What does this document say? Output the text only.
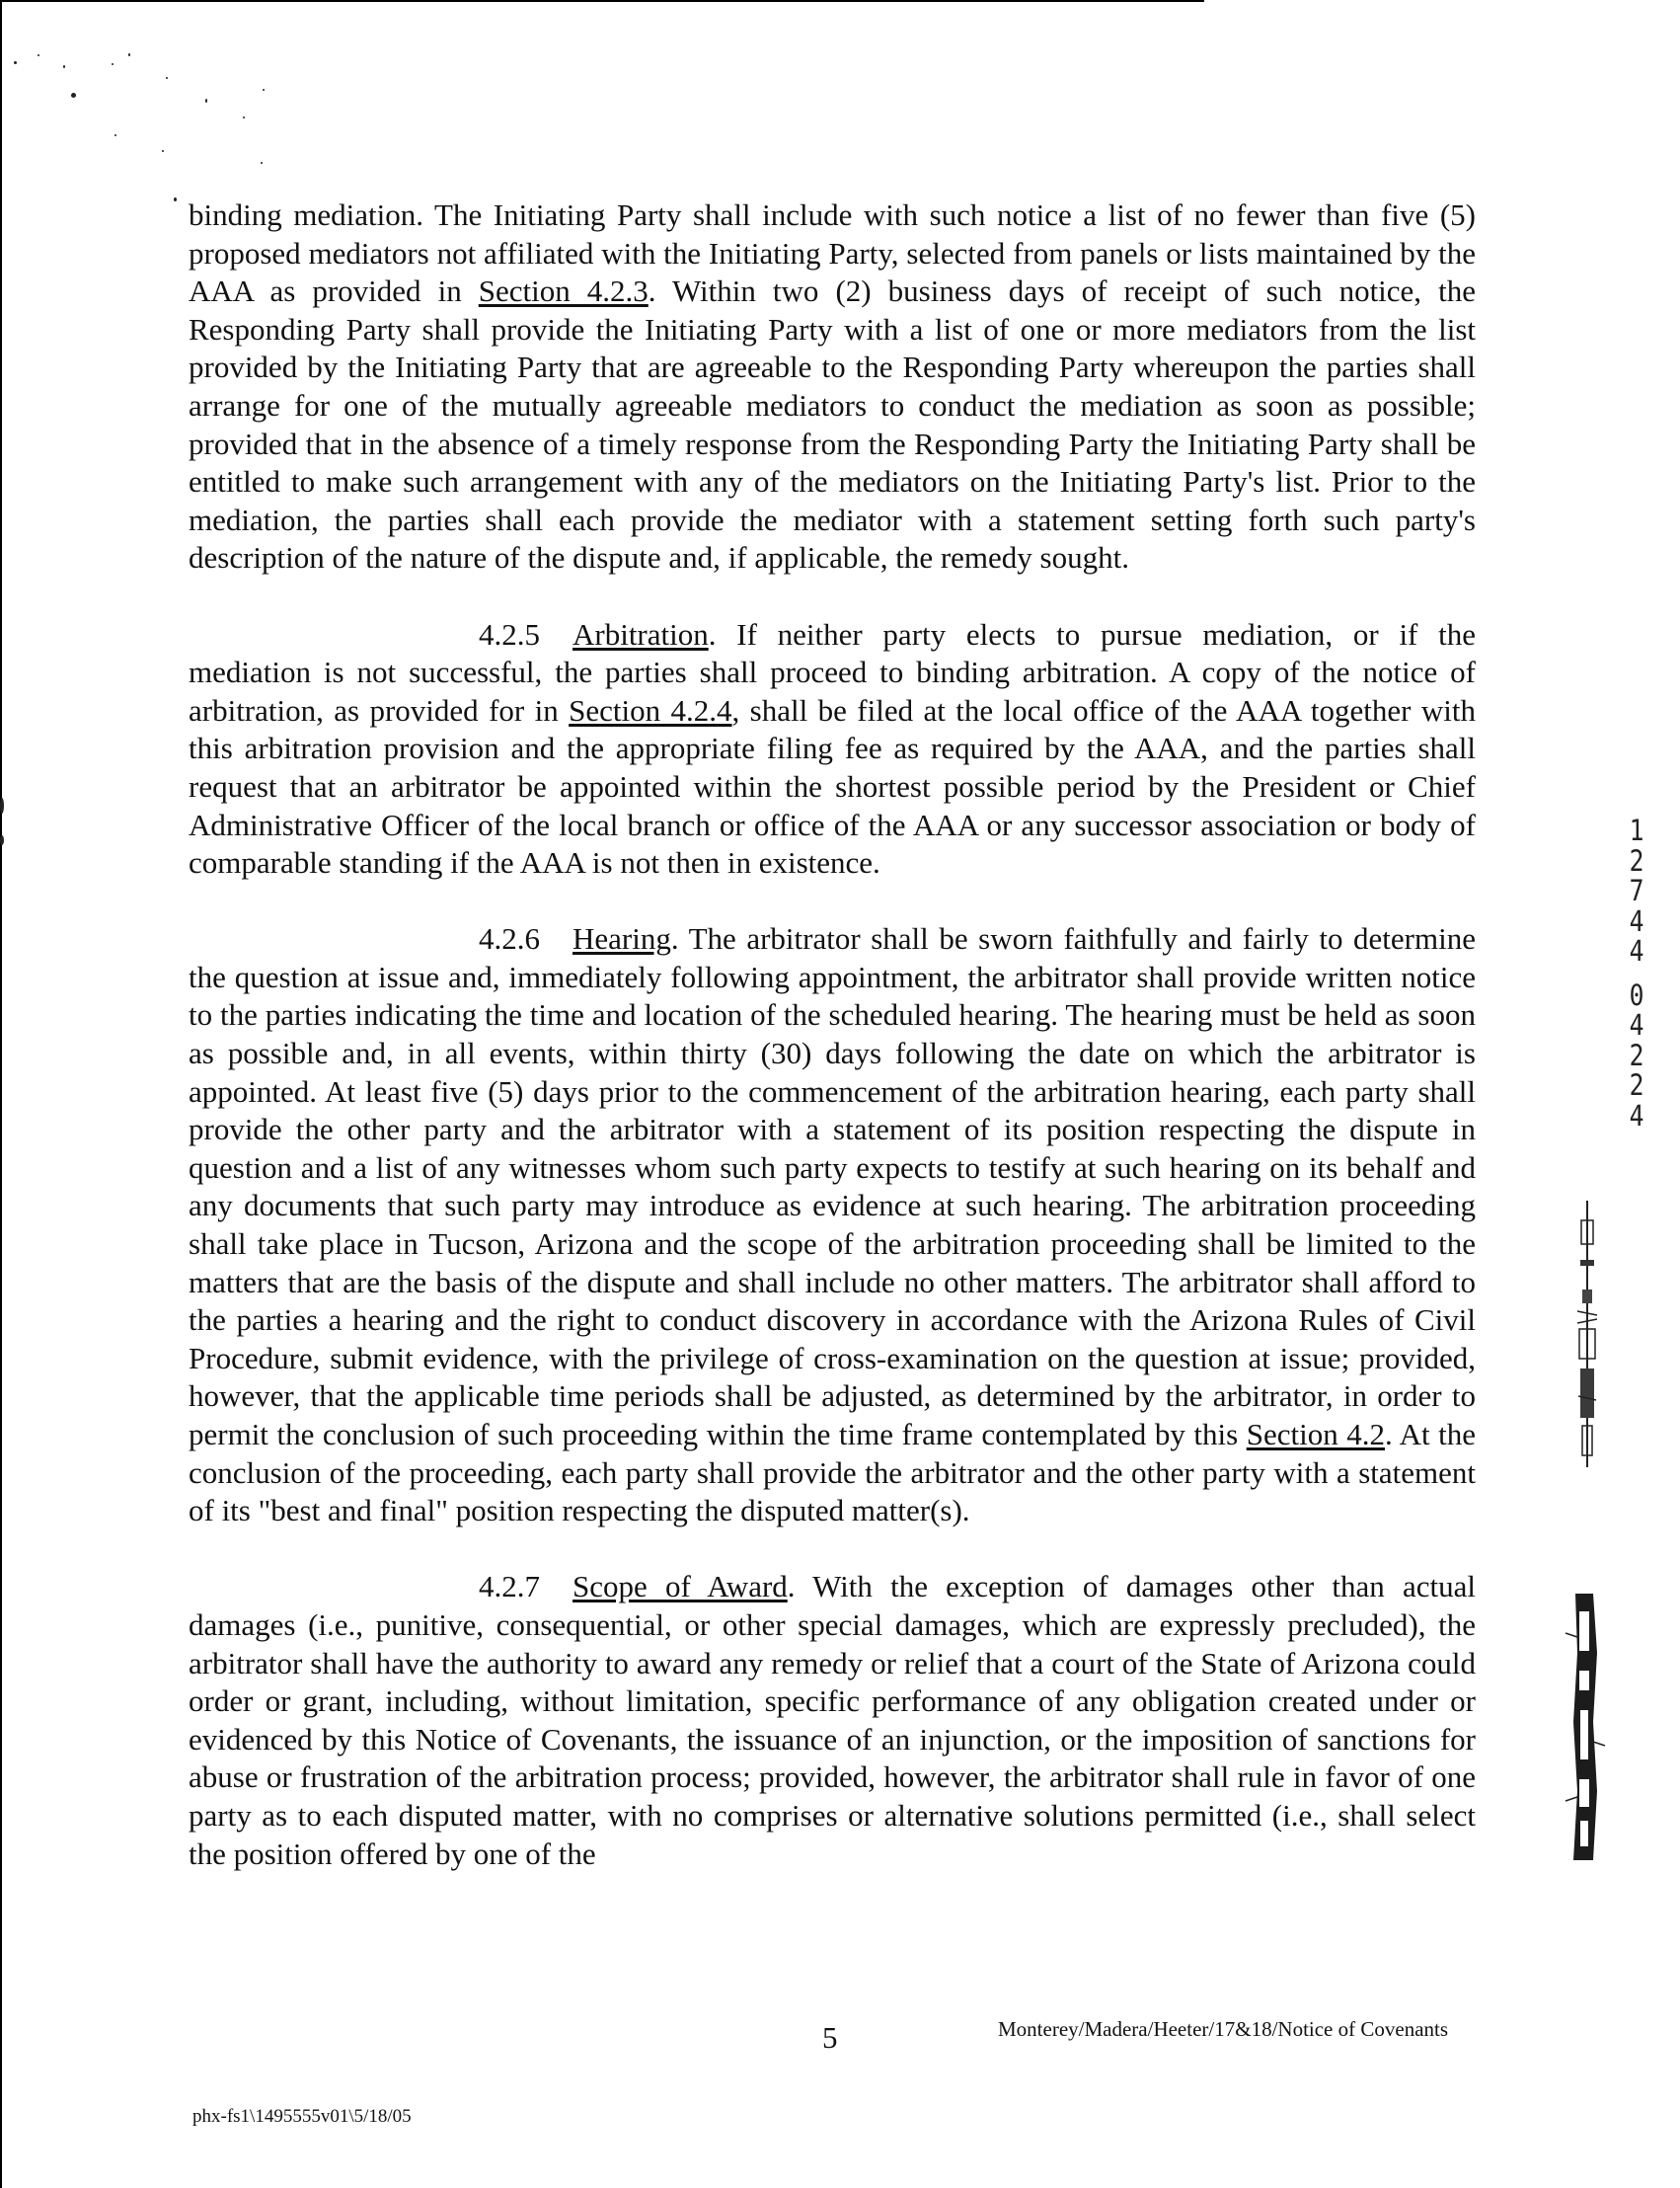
binding mediation. The Initiating Party shall include with such notice a list of no fewer than five (5) proposed mediators not affiliated with the Initiating Party, selected from panels or lists maintained by the AAA as provided in Section 4.2.3. Within two (2) business days of receipt of such notice, the Responding Party shall provide the Initiating Party with a list of one or more mediators from the list provided by the Initiating Party that are agreeable to the Responding Party whereupon the parties shall arrange for one of the mutually agreeable mediators to conduct the mediation as soon as possible; provided that in the absence of a timely response from the Responding Party the Initiating Party shall be entitled to make such arrangement with any of the mediators on the Initiating Party's list. Prior to the mediation, the parties shall each provide the mediator with a statement setting forth such party's description of the nature of the dispute and, if applicable, the remedy sought.

4.2.5 Arbitration. If neither party elects to pursue mediation, or if the mediation is not successful, the parties shall proceed to binding arbitration. A copy of the notice of arbitration, as provided for in Section 4.2.4, shall be filed at the local office of the AAA together with this arbitration provision and the appropriate filing fee as required by the AAA, and the parties shall request that an arbitrator be appointed within the shortest possible period by the President or Chief Administrative Officer of the local branch or office of the AAA or any successor association or body of comparable standing if the AAA is not then in existence.

4.2.6 Hearing. The arbitrator shall be sworn faithfully and fairly to determine the question at issue and, immediately following appointment, the arbitrator shall provide written notice to the parties indicating the time and location of the scheduled hearing. The hearing must be held as soon as possible and, in all events, within thirty (30) days following the date on which the arbitrator is appointed. At least five (5) days prior to the commencement of the arbitration hearing, each party shall provide the other party and the arbitrator with a statement of its position respecting the dispute in question and a list of any witnesses whom such party expects to testify at such hearing on its behalf and any documents that such party may introduce as evidence at such hearing. The arbitration proceeding shall take place in Tucson, Arizona and the scope of the arbitration proceeding shall be limited to the matters that are the basis of the dispute and shall include no other matters. The arbitrator shall afford to the parties a hearing and the right to conduct discovery in accordance with the Arizona Rules of Civil Procedure, submit evidence, with the privilege of cross-examination on the question at issue; provided, however, that the applicable time periods shall be adjusted, as determined by the arbitrator, in order to permit the conclusion of such proceeding within the time frame contemplated by this Section 4.2. At the conclusion of the proceeding, each party shall provide the arbitrator and the other party with a statement of its "best and final" position respecting the disputed matter(s).

4.2.7 Scope of Award. With the exception of damages other than actual damages (i.e., punitive, consequential, or other special damages, which are expressly precluded), the arbitrator shall have the authority to award any remedy or relief that a court of the State of Arizona could order or grant, including, without limitation, specific performance of any obligation created under or evidenced by this Notice of Covenants, the issuance of an injunction, or the imposition of sanctions for abuse or frustration of the arbitration process; provided, however, the arbitrator shall rule in favor of one party as to each disputed matter, with no comprises or alternative solutions permitted (i.e., shall select the position offered by one of the

5	Monterey/Madera/Heeter/17&18/Notice of Covenants
phx-fs1\1495555v01\5/18/05
1
2
7
4
4

0
4
2
2
4
